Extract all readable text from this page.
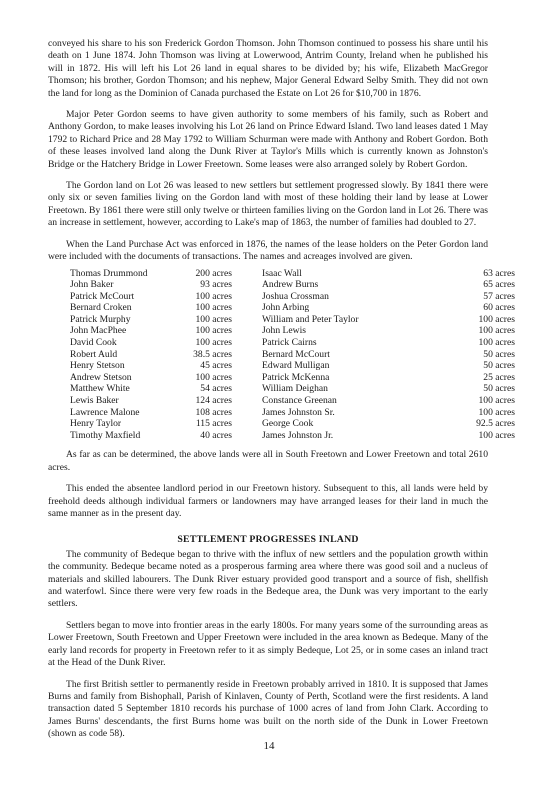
conveyed his share to his son Frederick Gordon Thomson. John Thomson continued to possess his share until his death on 1 June 1874. John Thomson was living at Lowerwood, Antrim County, Ireland when he published his will in 1872. His will left his Lot 26 land in equal shares to be divided by; his wife, Elizabeth MacGregor Thomson; his brother, Gordon Thomson; and his nephew, Major General Edward Selby Smith. They did not own the land for long as the Dominion of Canada purchased the Estate on Lot 26 for $10,700 in 1876.

Major Peter Gordon seems to have given authority to some members of his family, such as Robert and Anthony Gordon, to make leases involving his Lot 26 land on Prince Edward Island. Two land leases dated 1 May 1792 to Richard Price and 28 May 1792 to William Schurman were made with Anthony and Robert Gordon. Both of these leases involved land along the Dunk River at Taylor's Mills which is currently known as Johnston's Bridge or the Hatchery Bridge in Lower Freetown. Some leases were also arranged solely by Robert Gordon.

The Gordon land on Lot 26 was leased to new settlers but settlement progressed slowly. By 1841 there were only six or seven families living on the Gordon land with most of these holding their land by lease at Lower Freetown. By 1861 there were still only twelve or thirteen families living on the Gordon land in Lot 26. There was an increase in settlement, however, according to Lake's map of 1863, the number of families had doubled to 27.

When the Land Purchase Act was enforced in 1876, the names of the lease holders on the Peter Gordon land were included with the documents of transactions. The names and acreages involved are given.

Thomas Drummond	200 acres	Isaac Wall	63 acres
John Baker	93 acres	Andrew Burns	65 acres
Patrick McCourt	100 acres	Joshua Crossman	57 acres
Bernard Croken	100 acres	John Arbing	60 acres
Patrick Murphy	100 acres	William and Peter Taylor	100 acres
John MacPhee	100 acres	John Lewis	100 acres
David Cook	100 acres	Patrick Cairns	100 acres
Robert Auld	38.5 acres	Bernard McCourt	50 acres
Henry Stetson	45 acres	Edward Mulligan	50 acres
Andrew Stetson	100 acres	Patrick McKenna	25 acres
Matthew White	54 acres	William Deighan	50 acres
Lewis Baker	124 acres	Constance Greenan	100 acres
Lawrence Malone	108 acres	James Johnston Sr.	100 acres
Henry Taylor	115 acres	George Cook	92.5 acres
Timothy Maxfield	40 acres	James Johnston Jr.	100 acres

As far as can be determined, the above lands were all in South Freetown and Lower Freetown and total 2610 acres.

This ended the absentee landlord period in our Freetown history. Subsequent to this, all lands were held by freehold deeds although individual farmers or landowners may have arranged leases for their land in much the same manner as in the present day.

SETTLEMENT PROGRESSES INLAND

The community of Bedeque began to thrive with the influx of new settlers and the population growth within the community. Bedeque became noted as a prosperous farming area where there was good soil and a nucleus of materials and skilled labourers. The Dunk River estuary provided good transport and a source of fish, shellfish and waterfowl. Since there were very few roads in the Bedeque area, the Dunk was very important to the early settlers.

Settlers began to move into frontier areas in the early 1800s. For many years some of the surrounding areas as Lower Freetown, South Freetown and Upper Freetown were included in the area known as Bedeque. Many of the early land records for property in Freetown refer to it as simply Bedeque, Lot 25, or in some cases an inland tract at the Head of the Dunk River.

The first British settler to permanently reside in Freetown probably arrived in 1810. It is supposed that James Burns and family from Bishophall, Parish of Kinlaven, County of Perth, Scotland were the first residents. A land transaction dated 5 September 1810 records his purchase of 1000 acres of land from John Clark. According to James Burns' descendants, the first Burns home was built on the north side of the Dunk in Lower Freetown (shown as code 58).

14
